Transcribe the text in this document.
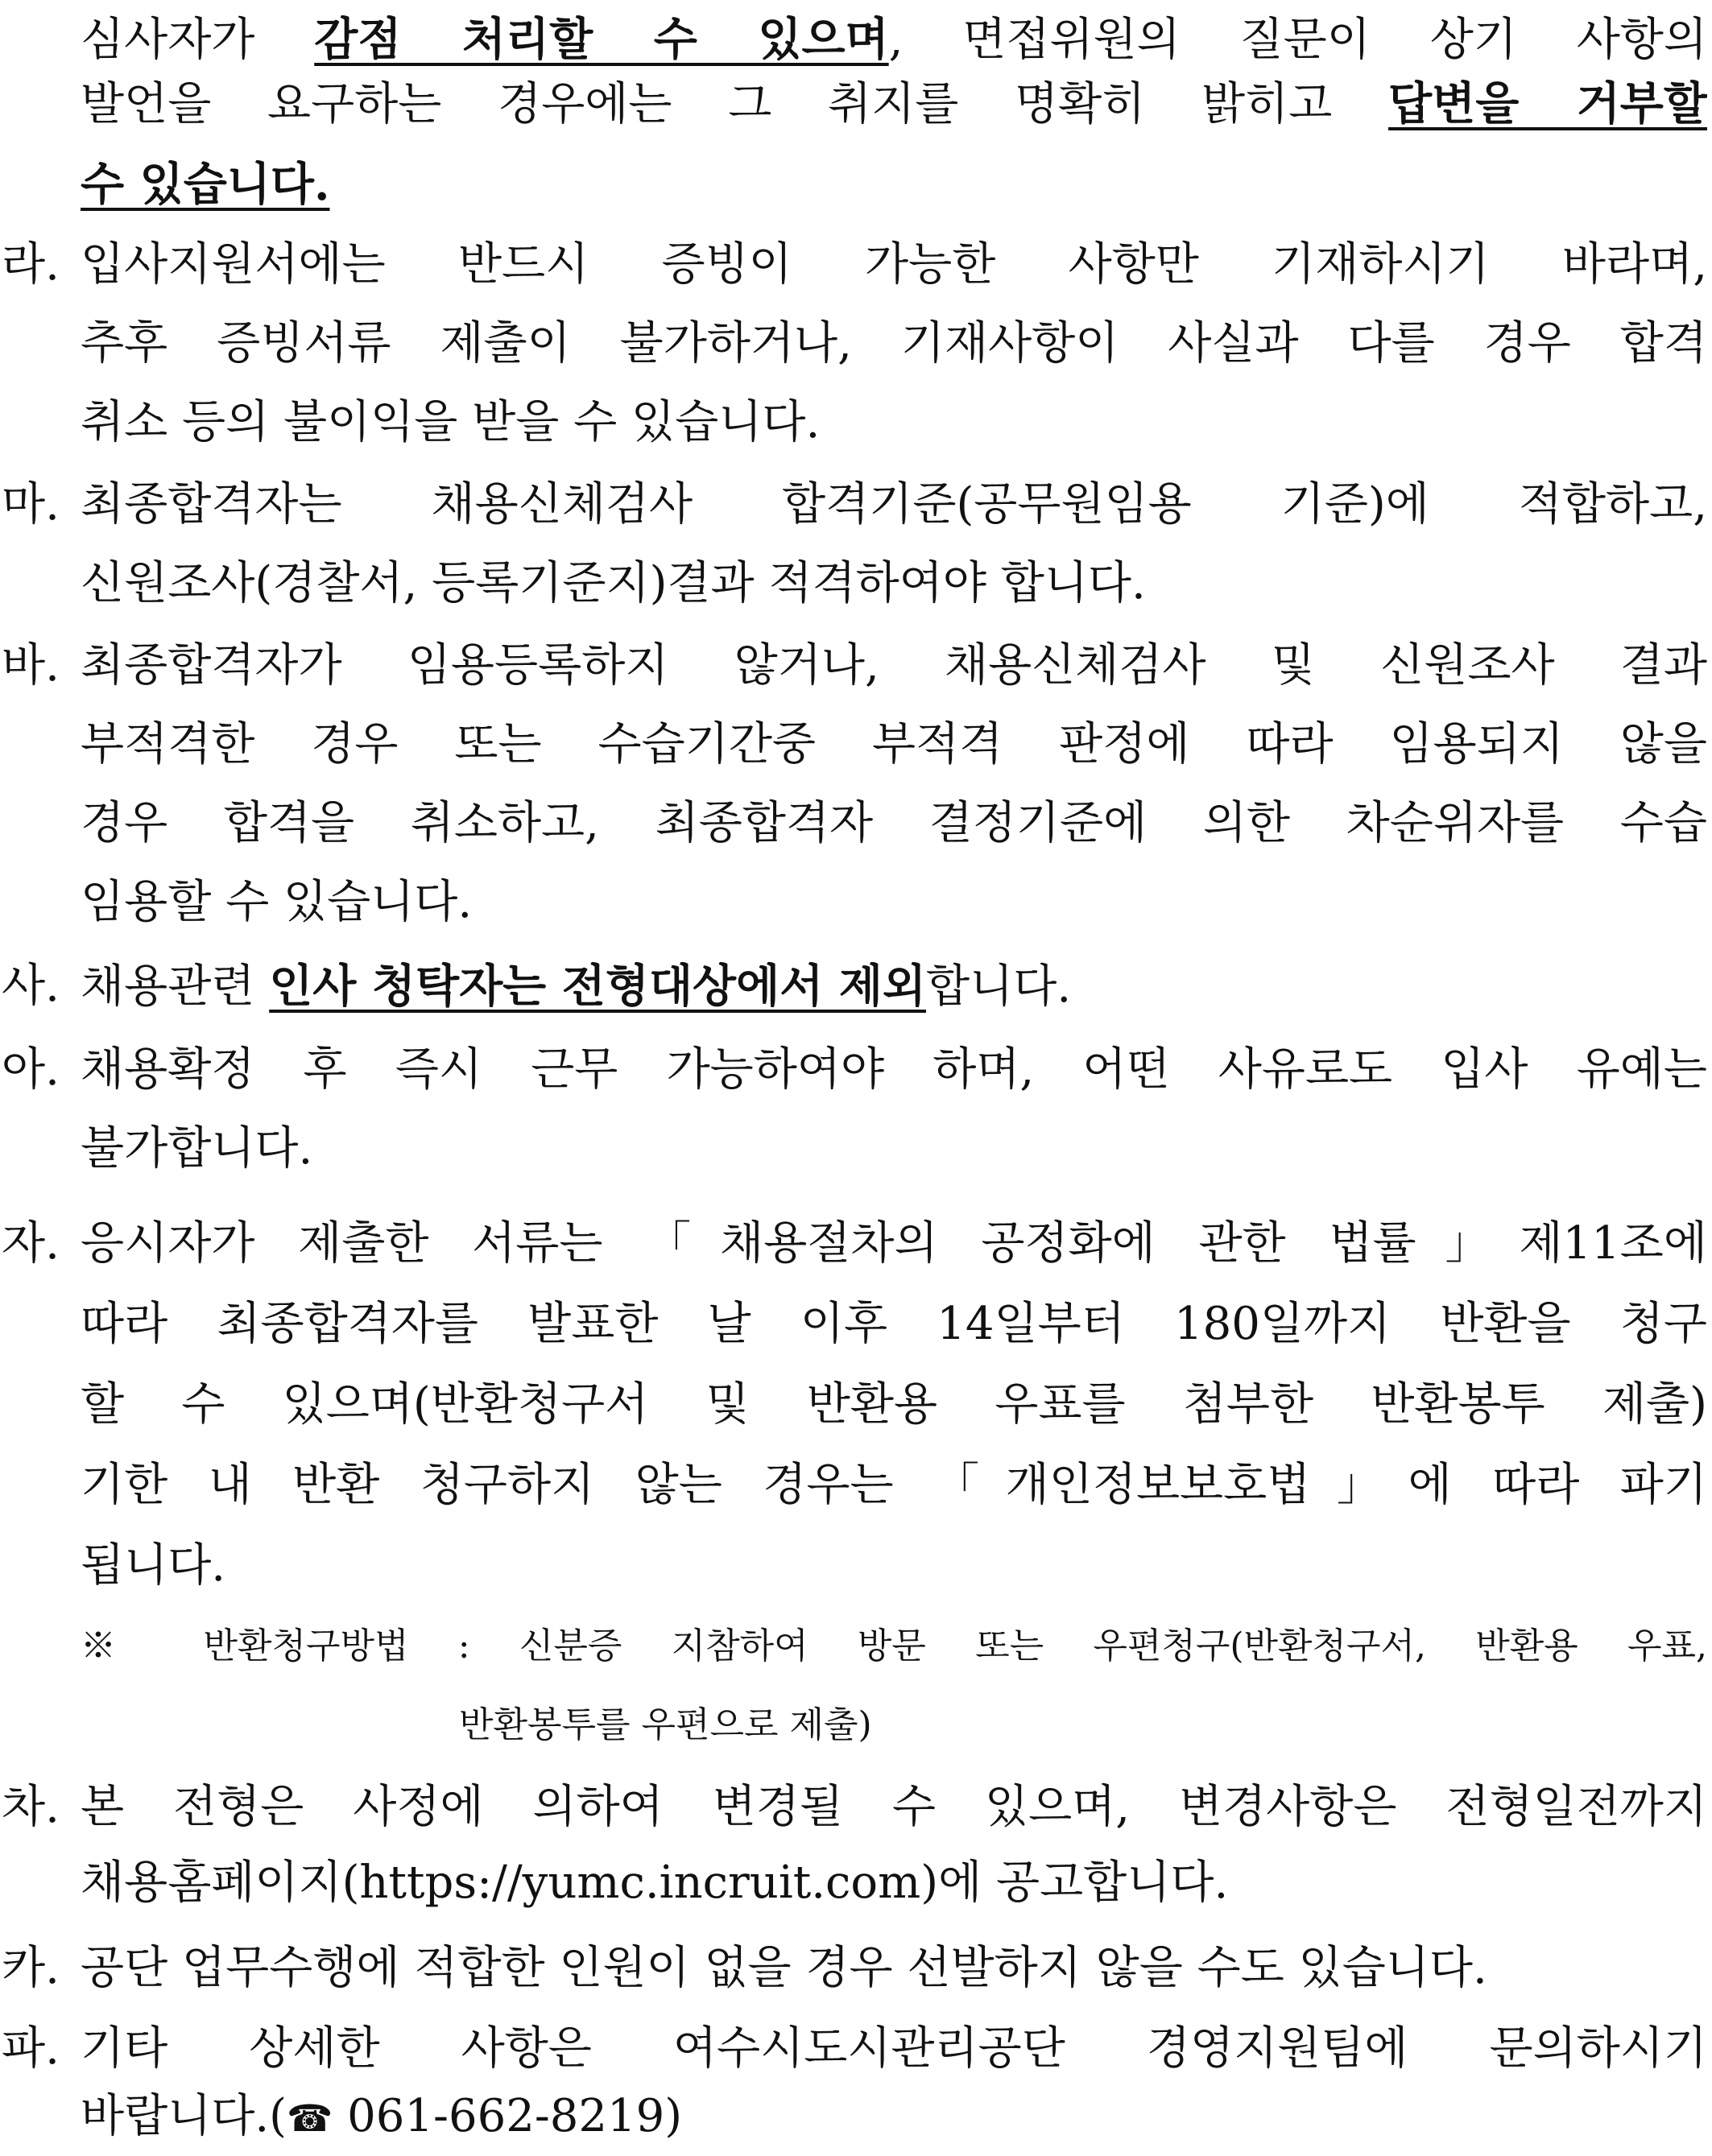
심사자가 감점 처리할 수 있으며, 면접위원의 질문이 상기 사항의
발언을 요구하는 경우에는 그 취지를 명확히 밝히고 답변을 거부할
수 있습니다.
라. 입사지원서에는 반드시 증빙이 가능한 사항만 기재하시기 바라며,
추후 증빙서류 제출이 불가하거나, 기재사항이 사실과 다를 경우 합격
취소 등의 불이익을 받을 수 있습니다.
마. 최종합격자는 채용신체검사 합격기준(공무원임용 기준)에 적합하고,
신원조사(경찰서, 등록기준지)결과 적격하여야 합니다.
바. 최종합격자가 임용등록하지 않거나, 채용신체검사 및 신원조사 결과
부적격한 경우 또는 수습기간중 부적격 판정에 따라 임용되지 않을
경우 합격을 취소하고, 최종합격자 결정기준에 의한 차순위자를 수습
임용할 수 있습니다.
사. 채용관련 인사 청탁자는 전형대상에서 제외합니다.
아. 채용확정 후 즉시 근무 가능하여야 하며, 어떤 사유로도 입사 유예는
불가합니다.
자. 응시자가 제출한 서류는 「채용절차의 공정화에 관한 법률」제11조에
따라 최종합격자를 발표한 날 이후 14일부터 180일까지 반환을 청구
할 수 있으며(반환청구서 및 반환용 우표를 첨부한 반환봉투 제출)
기한 내 반환 청구하지 않는 경우는 「개인정보보호법」에 따라 파기
됩니다.
※ 반환청구방법 : 신분증 지참하여 방문 또는 우편청구(반환청구서, 반환용 우표,
반환봉투를 우편으로 제출)
차. 본 전형은 사정에 의하여 변경될 수 있으며, 변경사항은 전형일전까지
채용홈페이지(https://yumc.incruit.com)에 공고합니다.
카. 공단 업무수행에 적합한 인원이 없을 경우 선발하지 않을 수도 있습니다.
파. 기타 상세한 사항은 여수시도시관리공단 경영지원팀에 문의하시기
바랍니다.(☎ 061-662-8219)
